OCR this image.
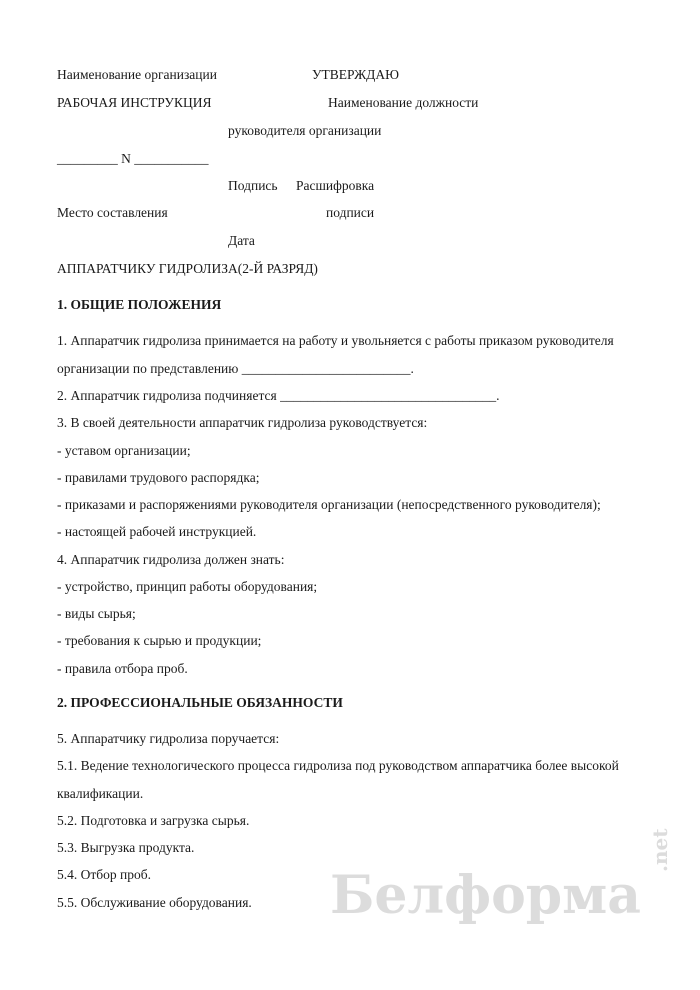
Наименование организации	УТВЕРЖДАЮ
РАБОЧАЯ ИНСТРУКЦИЯ	Наименование должности
руководителя организации
_________ N ___________
Подпись Расшифровка
Место составления	подписи
Дата
АППАРАТЧИКУ ГИДРОЛИЗА(2-Й РАЗРЯД)
1. ОБЩИЕ ПОЛОЖЕНИЯ
1. Аппаратчик гидролиза принимается на работу и увольняется с работы приказом руководителя
организации по представлению _________________________.
2. Аппаратчик гидролиза подчиняется ________________________________.
3. В своей деятельности аппаратчик гидролиза руководствуется:
- уставом организации;
- правилами трудового распорядка;
- приказами и распоряжениями руководителя организации (непосредственного руководителя);
- настоящей рабочей инструкцией.
4. Аппаратчик гидролиза должен знать:
- устройство, принцип работы оборудования;
- виды сырья;
- требования к сырью и продукции;
- правила отбора проб.
2. ПРОФЕССИОНАЛЬНЫЕ ОБЯЗАННОСТИ
5. Аппаратчику гидролиза поручается:
5.1. Ведение технологического процесса гидролиза под руководством аппаратчика более высокой
квалификации.
5.2. Подготовка и загрузка сырья.
5.3. Выгрузка продукта.
5.4. Отбор проб.
5.5. Обслуживание оборудования. Белформа
.net
